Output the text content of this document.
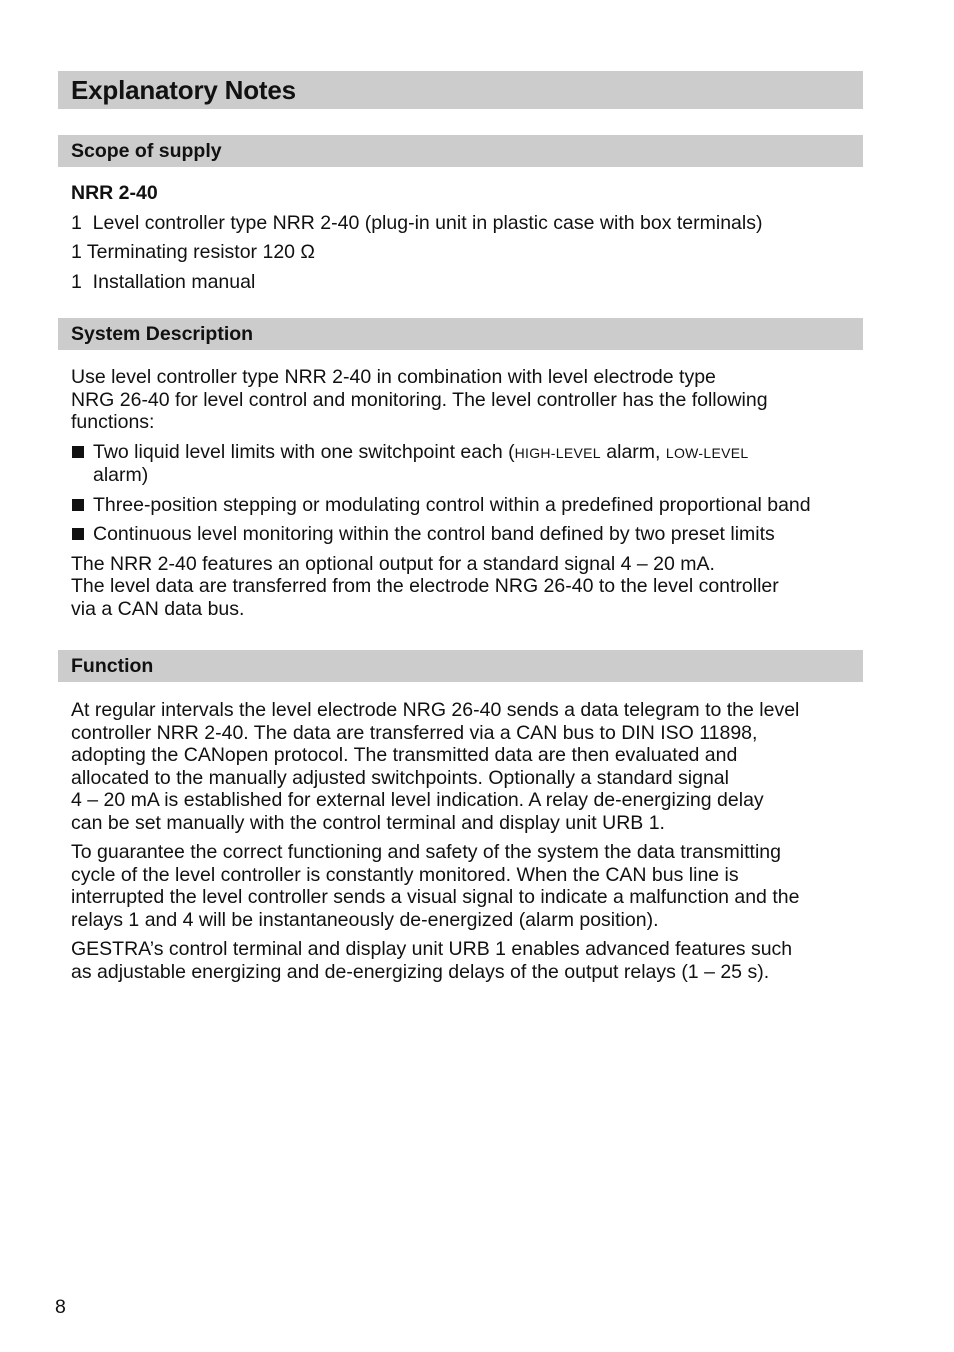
Explanatory Notes
Scope of supply
NRR 2-40
1  Level controller type NRR 2-40 (plug-in unit in plastic case with box terminals)
1 Terminating resistor 120 Ω
1  Installation manual
System Description

Use level controller type NRR 2-40 in combination with level electrode type
NRG 26-40 for level control and monitoring. The level controller has the following
functions:

Two liquid level limits with one switchpoint each (HIGH-LEVEL alarm, LOW-LEVEL
alarm)
Three-position stepping or modulating control within a predefined proportional band
Continuous level monitoring within the control band defined by two preset limits

The NRR 2-40 features an optional output for a standard signal 4 – 20 mA.
The level data are transferred from the electrode NRG 26-40 to the level controller
via a CAN data bus.

Function

At regular intervals the level electrode NRG 26-40 sends a data telegram to the level
controller NRR 2-40. The data are transferred via a CAN bus to DIN ISO 11898,
adopting the CANopen protocol. The transmitted data are then evaluated and
allocated to the manually adjusted switchpoints. Optionally a standard signal
4 – 20 mA is established for external level indication. A relay de-energizing delay
can be set manually with the control terminal and display unit URB 1.

To guarantee the correct functioning and safety of the system the data transmitting
cycle of the level controller is constantly monitored. When the CAN bus line is
interrupted the level controller sends a visual signal to indicate a malfunction and the
relays 1 and 4 will be instantaneously de-energized (alarm position).

GESTRA’s control terminal and display unit URB 1 enables advanced features such
as adjustable energizing and de-energizing delays of the output relays (1 – 25 s).

8
